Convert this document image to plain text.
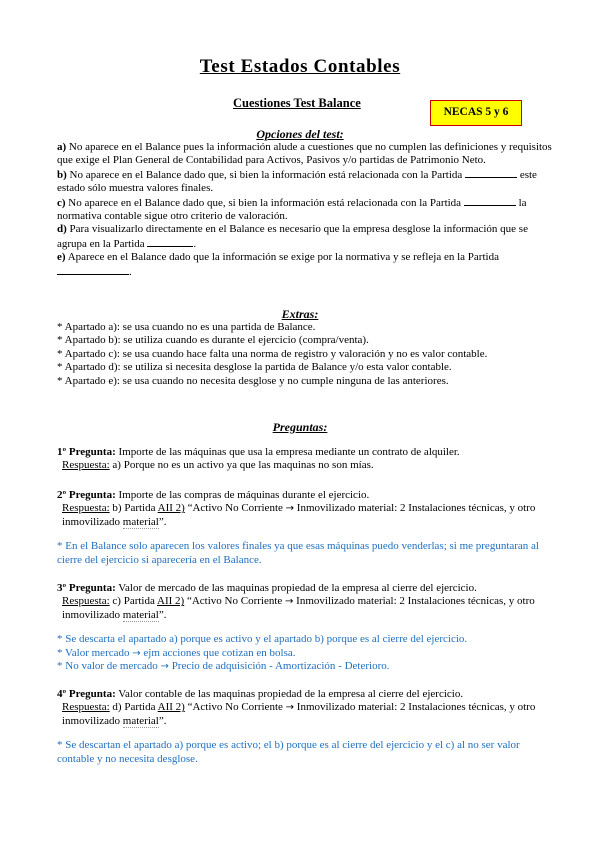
Test Estados Contables
Cuestiones Test Balance
NECAS 5 y 6
Opciones del test:

a) No aparece en el Balance pues la información alude a cuestiones que no cumplen las definiciones y requisitos que exige el Plan General de Contabilidad para Activos, Pasivos y/o partidas de Patrimonio Neto.

b) No aparece en el Balance dado que, si bien la información está relacionada con la Partida	este estado sólo muestra valores finales.

c) No aparece en el Balance dado que, si bien la información está relacionada con la Partida	la normativa contable sigue otro criterio de valoración.

d) Para visualizarlo directamente en el Balance es necesario que la empresa desglose la información que se agrupa en la Partida	.

e) Aparece en el Balance dado que la información se exige por la normativa y se refleja en la Partida .

Extras:

* Apartado a): se usa cuando no es una partida de Balance.

* Apartado b): se utiliza cuando es durante el ejercicio (compra/venta).

* Apartado c): se usa cuando hace falta una norma de registro y valoración y no es valor contable.

* Apartado d): se utiliza si necesita desglose la partida de Balance y/o esta valor contable.

* Apartado e): se usa cuando no necesita desglose y no cumple ninguna de las anteriores.

Preguntas:

1º Pregunta: Importe de las máquinas que usa la empresa mediante un contrato de alquiler.

Respuesta: a) Porque no es un activo ya que las maquinas no son mías.

2º Pregunta: Importe de las compras de máquinas durante el ejercicio.

Respuesta: b) Partida AII 2) “Activo No Corriente → Inmovilizado material: 2 Instalaciones técnicas, y otro inmovilizado material”.

* En el Balance solo aparecen los valores finales ya que esas máquinas puedo venderlas; si me preguntaran al cierre del ejercicio si aparecería en el Balance.

3º Pregunta: Valor de mercado de las maquinas propiedad de la empresa al cierre del ejercicio.

Respuesta: c) Partida AII 2) “Activo No Corriente → Inmovilizado material: 2 Instalaciones técnicas, y otro inmovilizado material”.

* Se descarta el apartado a) porque es activo y el apartado b) porque es al cierre del ejercicio.

* Valor mercado → ejm acciones que cotizan en bolsa.

* No valor de mercado → Precio de adquisición - Amortización - Deterioro.

4º Pregunta: Valor contable de las maquinas propiedad de la empresa al cierre del ejercicio.

Respuesta: d) Partida AII 2) “Activo No Corriente → Inmovilizado material: 2 Instalaciones técnicas, y otro inmovilizado material”.

* Se descartan el apartado a) porque es activo; el b) porque es al cierre del ejercicio y el c) al no ser valor contable y no necesita desglose.
